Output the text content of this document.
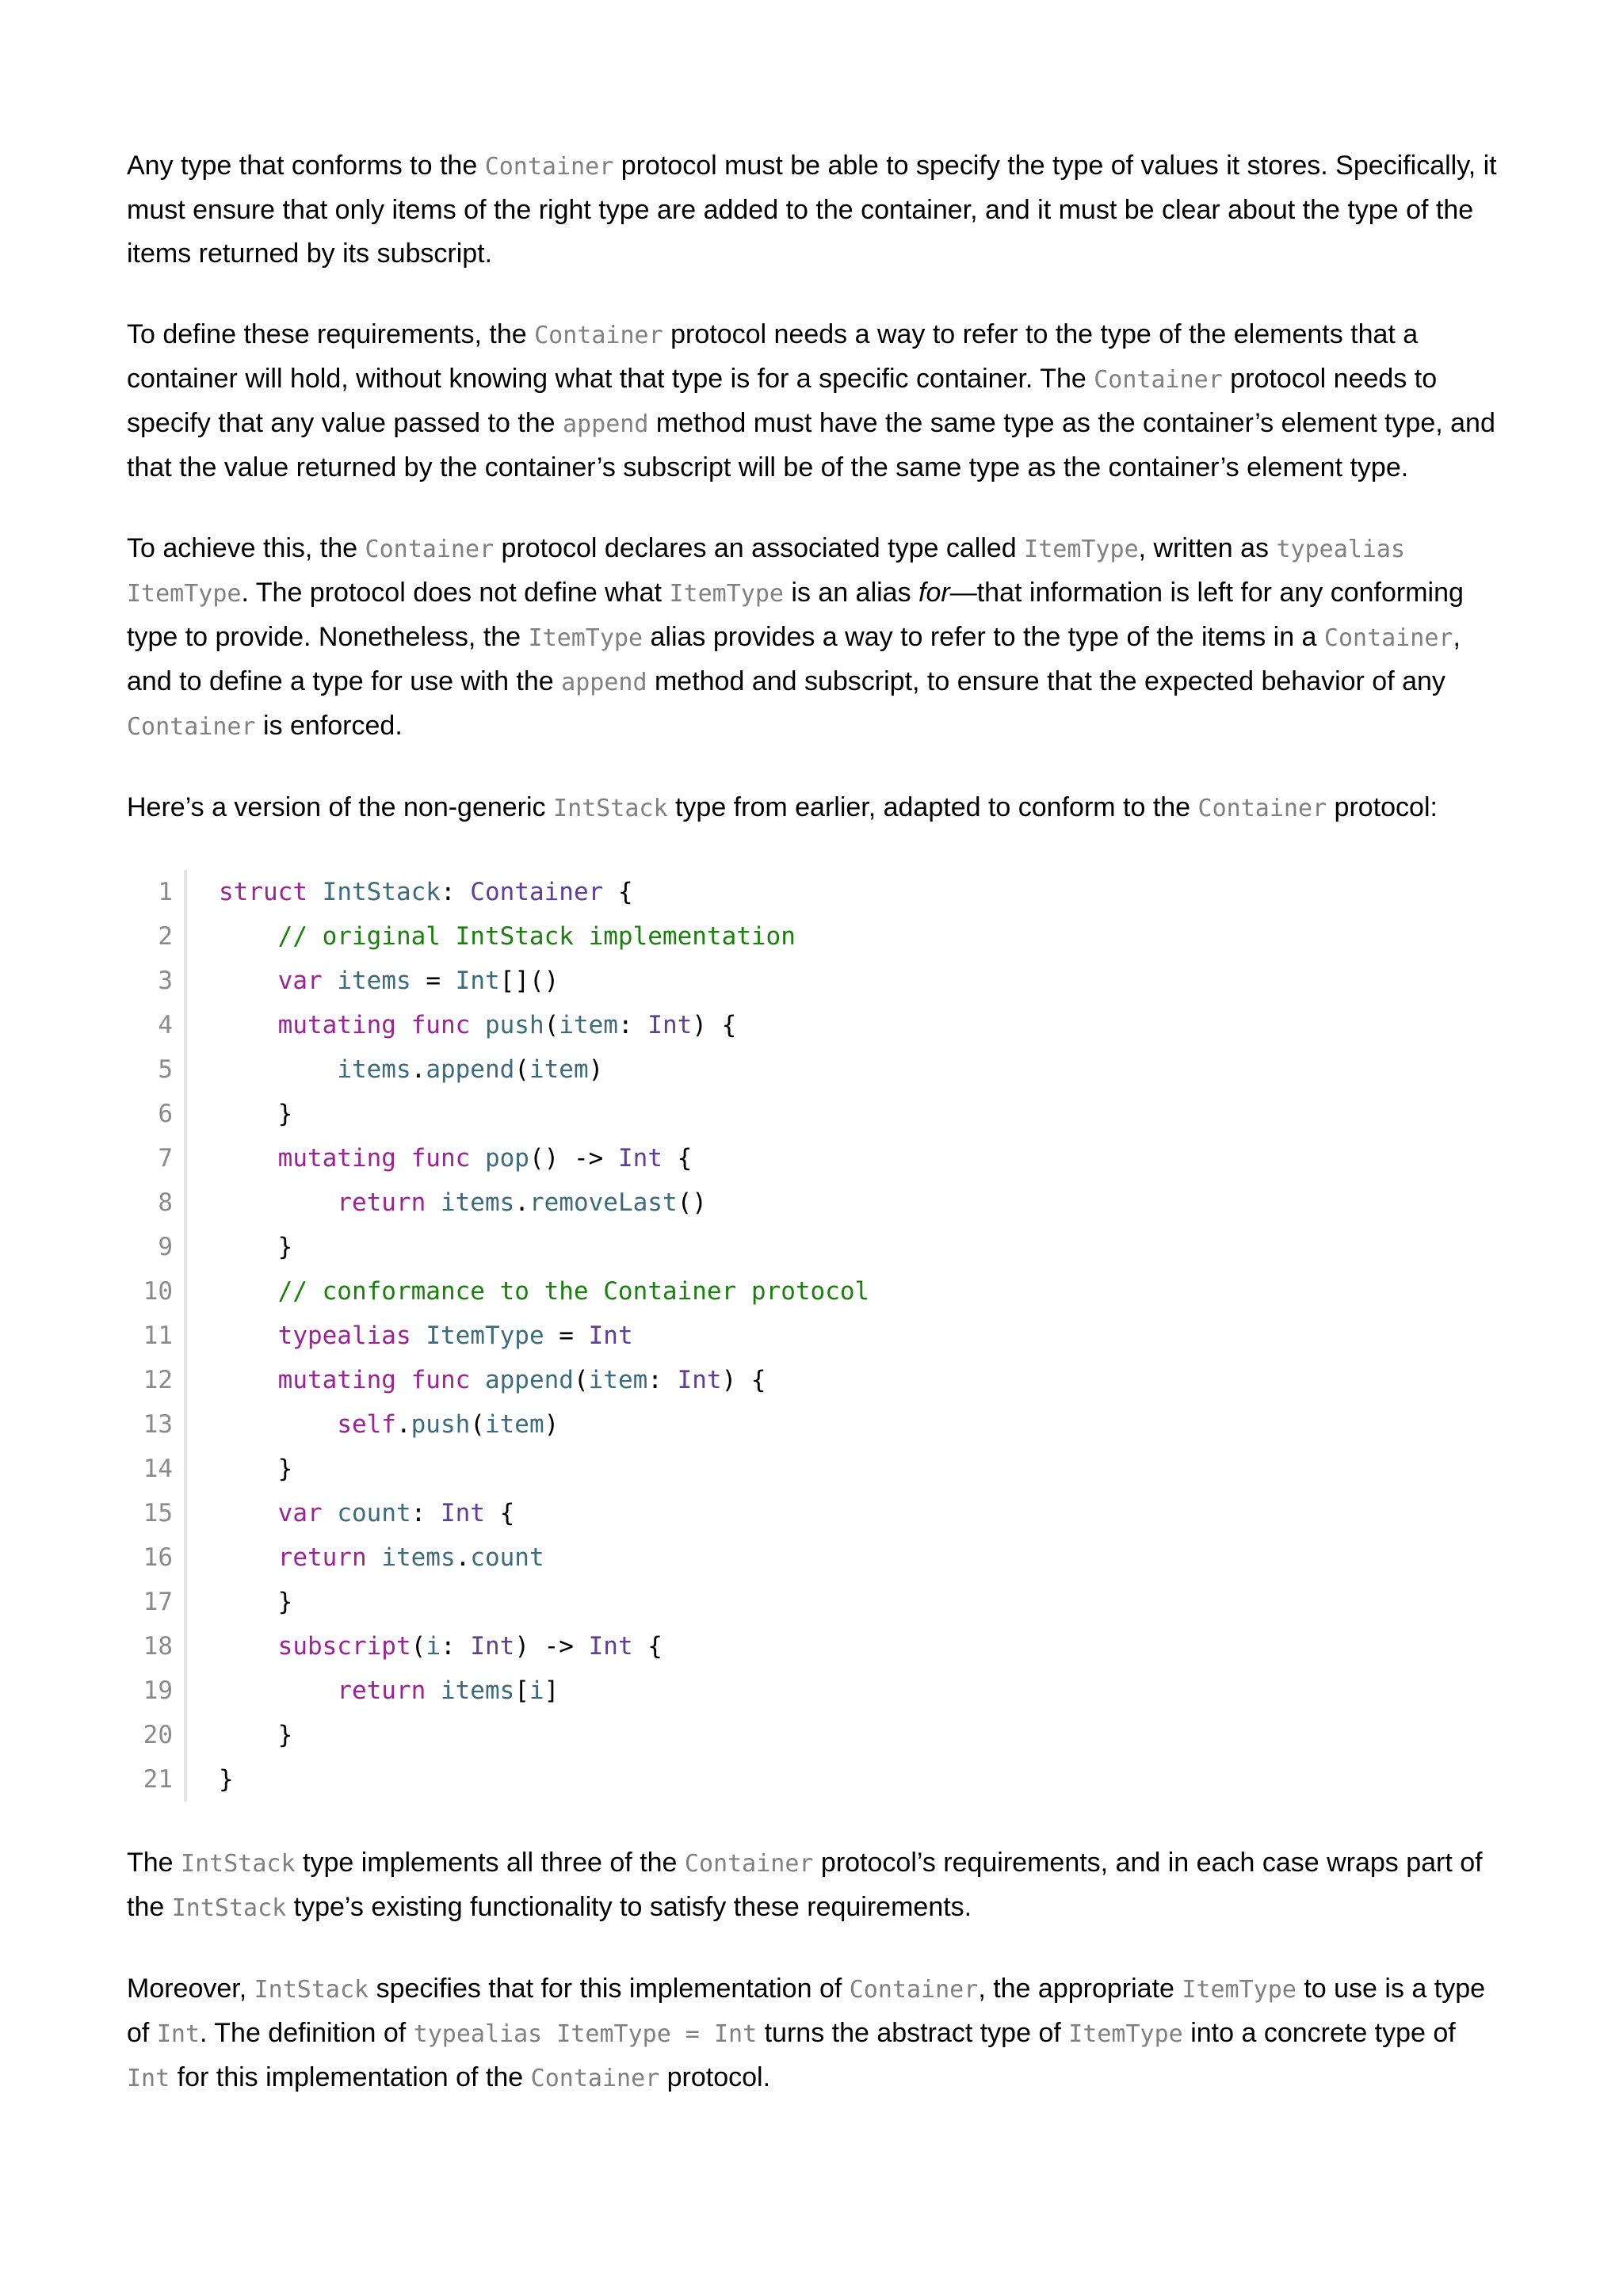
Any type that conforms to the Container protocol must be able to specify the type of values it stores. Specifically, it must ensure that only items of the right type are added to the container, and it must be clear about the type of the items returned by its subscript.

To define these requirements, the Container protocol needs a way to refer to the type of the elements that a container will hold, without knowing what that type is for a specific container. The Container protocol needs to specify that any value passed to the append method must have the same type as the container’s element type, and that the value returned by the container’s subscript will be of the same type as the container’s element type.

To achieve this, the Container protocol declares an associated type called ItemType, written as typealias ItemType. The protocol does not define what ItemType is an alias for—that information is left for any conforming type to provide. Nonetheless, the ItemType alias provides a way to refer to the type of the items in a Container, and to define a type for use with the append method and subscript, to ensure that the expected behavior of any Container is enforced.

Here’s a version of the non-generic IntStack type from earlier, adapted to conform to the Container protocol:

1	struct IntStack: Container {
2	// original IntStack implementation
3	var items = Int[]()
4	mutating func push(item: Int) {
5	items.append(item)
6	}
7	mutating func pop() -> Int {
8	return items.removeLast()
9	}
10	// conformance to the Container protocol
11	typealias ItemType = Int
12	mutating func append(item: Int) {
13	self.push(item)
14	}
15	var count: Int {
16	return items.count
17	}
18	subscript(i: Int) -> Int {
19	return items[i]
20	}
21	}

The IntStack type implements all three of the Container protocol’s requirements, and in each case wraps part of the IntStack type’s existing functionality to satisfy these requirements.

Moreover, IntStack specifies that for this implementation of Container, the appropriate ItemType to use is a type of Int. The definition of typealias ItemType = Int turns the abstract type of ItemType into a concrete type of Int for this implementation of the Container protocol.
